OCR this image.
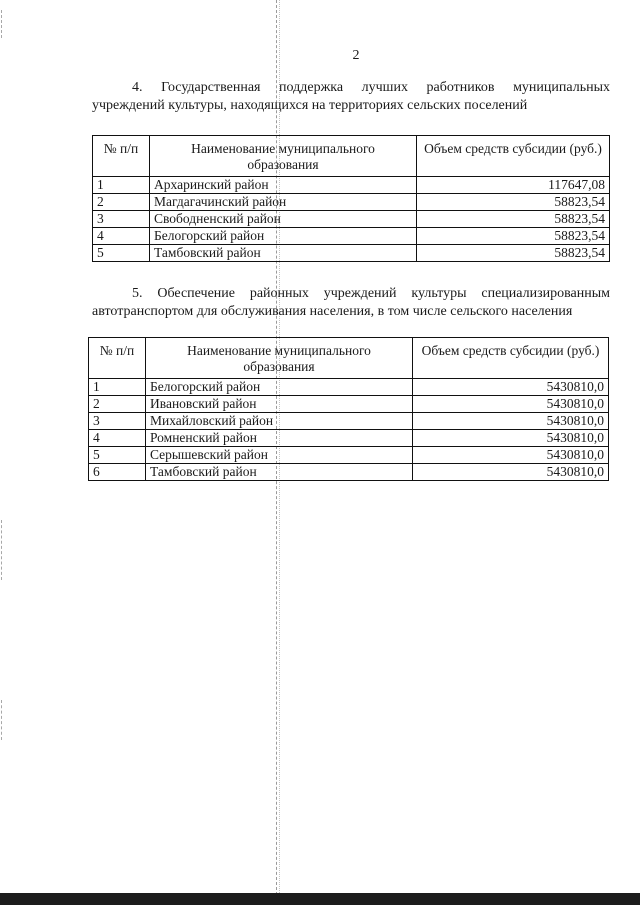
2
4. Государственная поддержка лучших работников муниципальных учреждений культуры, находящихся на территориях сельских поселений
№ п/п	Наименование муниципального образования	Объем средств субсидии (руб.)
1	Архаринский район	117647,08
2	Магдагачинский район	58823,54
3	Свободненский район	58823,54
4	Белогорский район	58823,54
5	Тамбовский район	58823,54
5. Обеспечение районных учреждений культуры специализированным автотранспортом для обслуживания населения, в том числе сельского населения
№ п/п	Наименование муниципального образования	Объем средств субсидии (руб.)
1	Белогорский район	5430810,0
2	Ивановский район	5430810,0
3	Михайловский район	5430810,0
4	Ромненский район	5430810,0
5	Серышевский район	5430810,0
6	Тамбовский район	5430810,0
